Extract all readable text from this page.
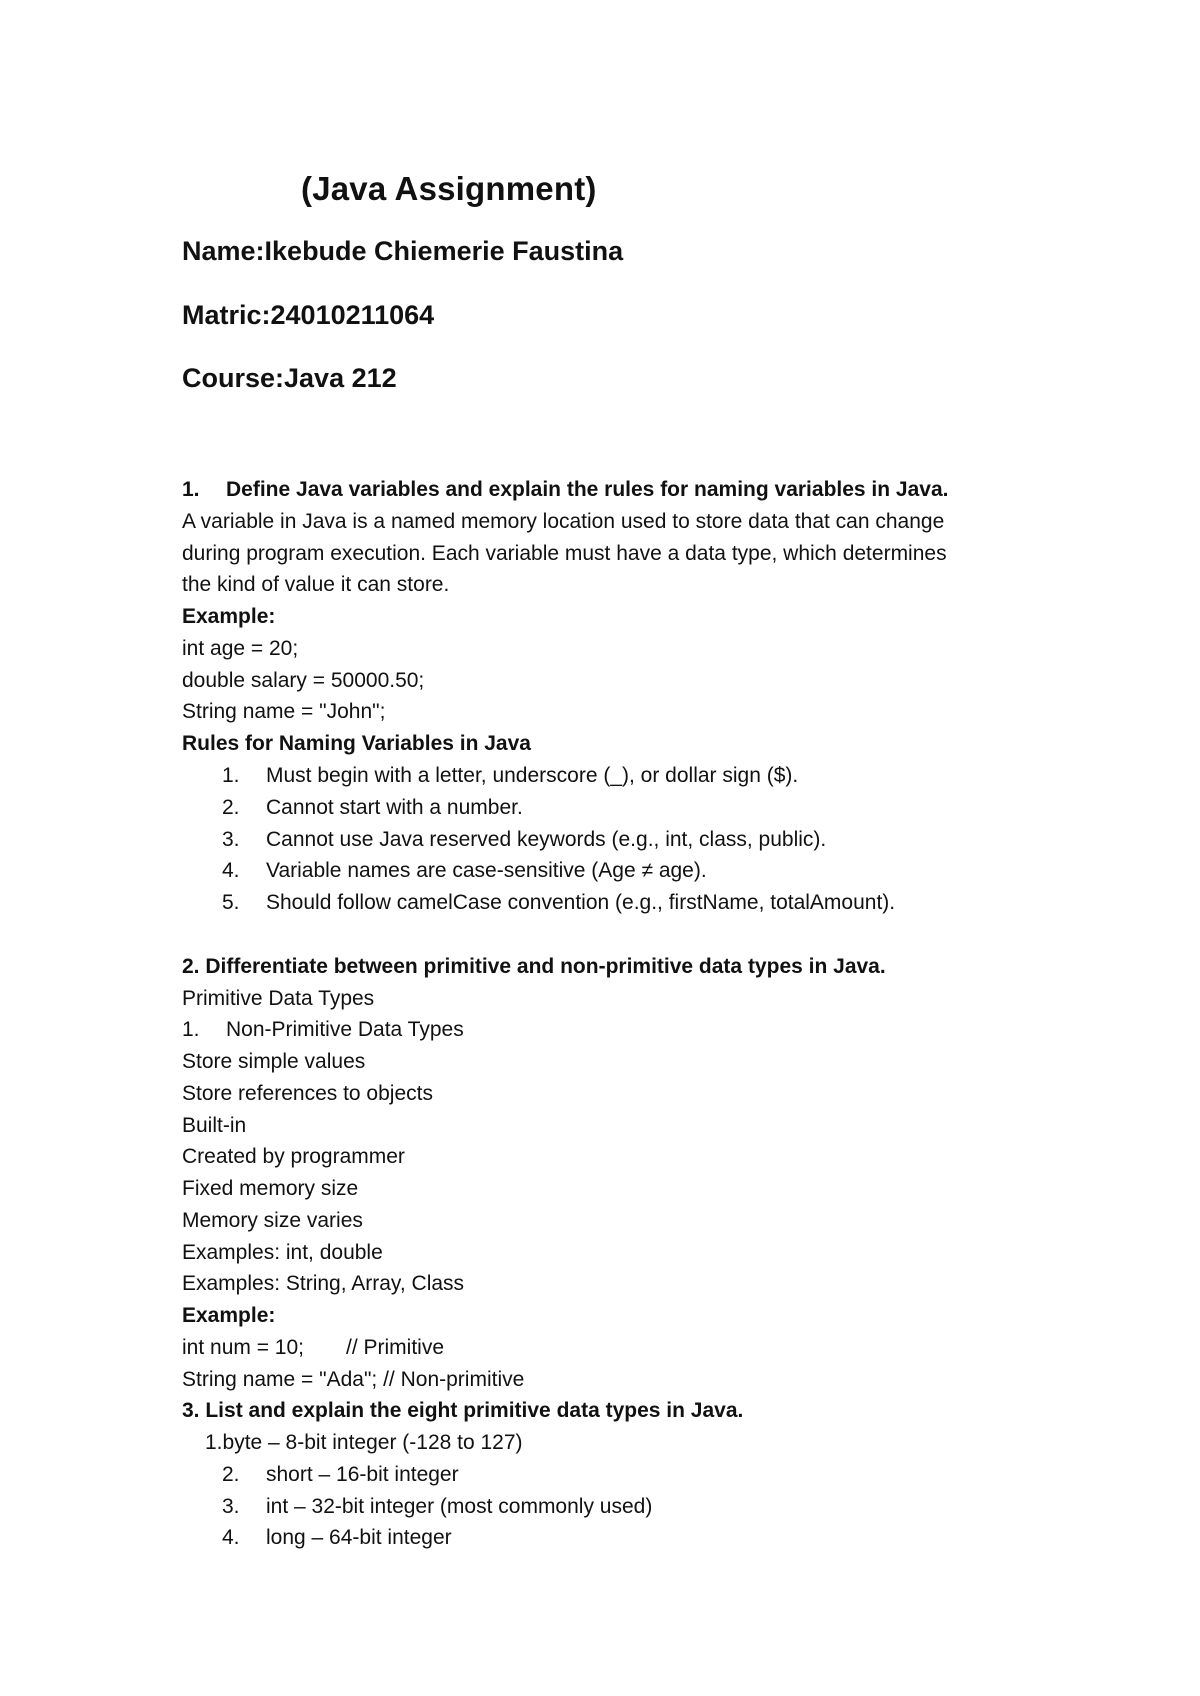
(Java Assignment)
Name:Ikebude Chiemerie Faustina
Matric:24010211064
Course:Java 212
1. Define Java variables and explain the rules for naming variables in Java.
A variable in Java is a named memory location used to store data that can change
during program execution. Each variable must have a data type, which determines
the kind of value it can store.
Example:
int age = 20;
double salary = 50000.50;
String name = "John";
Rules for Naming Variables in Java
1. Must begin with a letter, underscore (_), or dollar sign ($).
2. Cannot start with a number.
3. Cannot use Java reserved keywords (e.g., int, class, public).
4. Variable names are case-sensitive (Age ≠ age).
5. Should follow camelCase convention (e.g., firstName, totalAmount).
2. Differentiate between primitive and non-primitive data types in Java.
Primitive Data Types
1. Non-Primitive Data Types
Store simple values
Store references to objects
Built-in
Created by programmer
Fixed memory size
Memory size varies
Examples: int, double
Examples: String, Array, Class
Example:
int num = 10; // Primitive
String name = "Ada"; // Non-primitive
3. List and explain the eight primitive data types in Java.
1.byte – 8-bit integer (-128 to 127)
2. short – 16-bit integer
3. int – 32-bit integer (most commonly used)
4. long – 64-bit integer
